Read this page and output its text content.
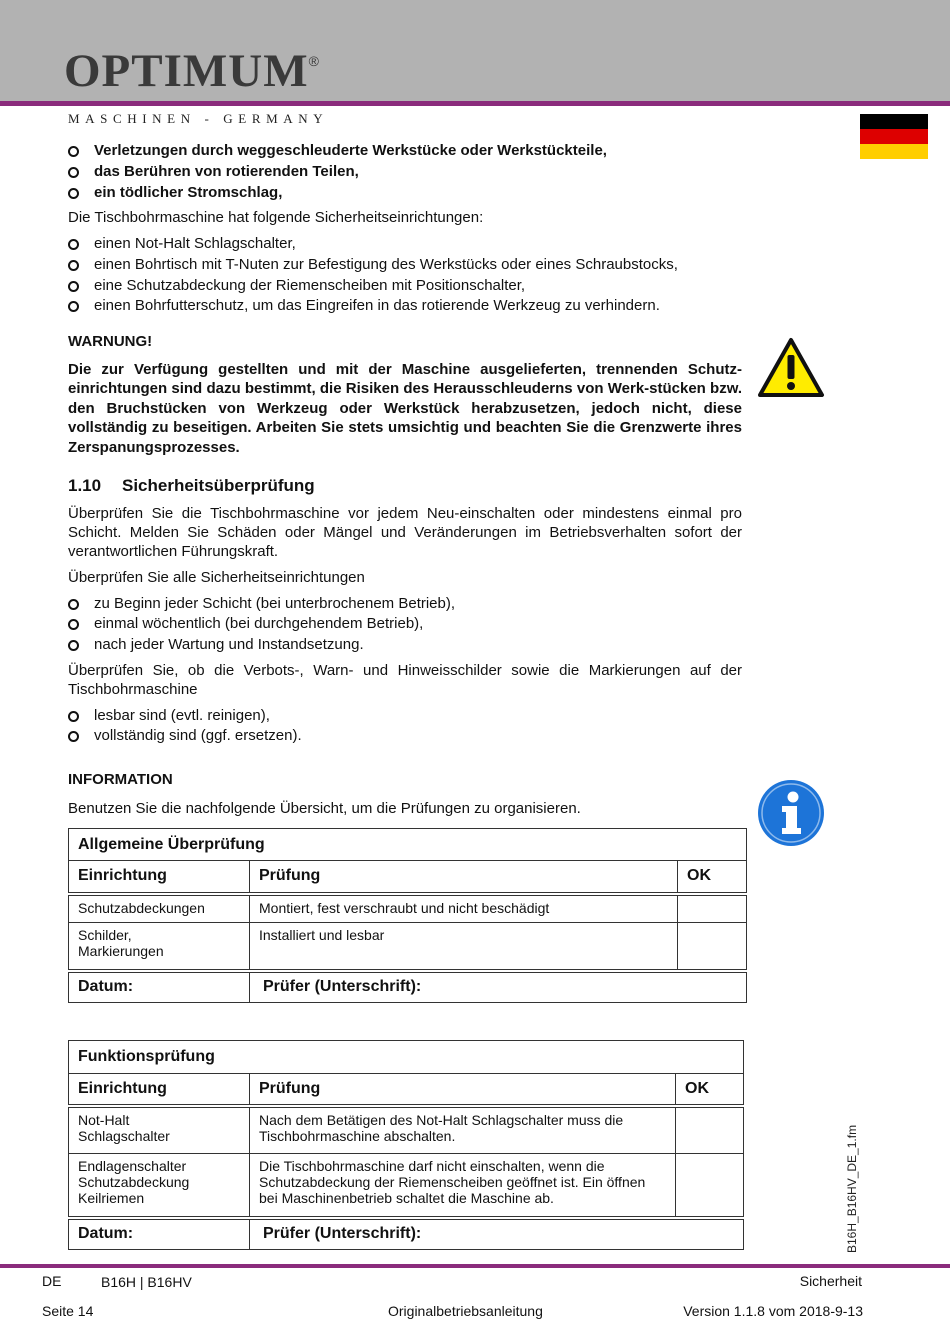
OPTIMUM®
MASCHINEN - GERMANY
Verletzungen durch weggeschleuderte Werkstücke oder Werkstückteile,
das Berühren von rotierenden Teilen,
ein tödlicher Stromschlag,
Die Tischbohrmaschine hat folgende Sicherheitseinrichtungen:
einen Not-Halt Schlagschalter,
einen Bohrtisch mit T-Nuten zur Befestigung des Werkstücks oder eines Schraubstocks,
eine Schutzabdeckung der Riemenscheiben mit Positionschalter,
einen Bohrfutterschutz, um das Eingreifen in das rotierende Werkzeug zu verhindern.
WARNUNG!
Die zur Verfügung gestellten und mit der Maschine ausgelieferten, trennenden Schutz-einrichtungen sind dazu bestimmt, die Risiken des Herausschleuderns von Werk-stücken bzw. den Bruchstücken von Werkzeug oder Werkstück herabzusetzen, jedoch nicht, diese vollständig zu beseitigen. Arbeiten Sie stets umsichtig und beachten Sie die Grenzwerte ihres Zerspanungsprozesses.
1.10 Sicherheitsüberprüfung
Überprüfen Sie die Tischbohrmaschine vor jedem Neu-einschalten oder mindestens einmal pro Schicht. Melden Sie Schäden oder Mängel und Veränderungen im Betriebsverhalten sofort der verantwortlichen Führungskraft.
Überprüfen Sie alle Sicherheitseinrichtungen
zu Beginn jeder Schicht (bei unterbrochenem Betrieb),
einmal wöchentlich (bei durchgehendem Betrieb),
nach jeder Wartung und Instandsetzung.
Überprüfen Sie, ob die Verbots-, Warn- und Hinweisschilder sowie die Markierungen auf der Tischbohrmaschine
lesbar sind (evtl. reinigen),
vollständig sind (ggf. ersetzen).
INFORMATION
Benutzen Sie die nachfolgende Übersicht, um die Prüfungen zu organisieren.
Allgemeine Überprüfung		
Einrichtung	Prüfung	OK
Schutzabdeckungen	Montiert, fest verschraubt und nicht beschädigt	
Schilder,
Markierungen	Installiert und lesbar	
Datum:	Prüfer (Unterschrift):	
Funktionsprüfung		
Einrichtung	Prüfung	OK
Not-Halt
Schlagschalter	Nach dem Betätigen des Not-Halt Schlagschalter muss die Tischbohrmaschine abschalten.	
Endlagenschalter
Schutzabdeckung
Keilriemen	Die Tischbohrmaschine darf nicht einschalten, wenn die Schutzabdeckung der Riemenscheiben geöffnet ist. Ein öffnen bei Maschinenbetrieb schaltet die Maschine ab.	
Datum:	Prüfer (Unterschrift):		B16H_B16HV_DE_1.fm
DE	B16H | B16HV	Sicherheit
Seite 14	Originalbetriebsanleitung	Version 1.1.8 vom 2018-9-13
